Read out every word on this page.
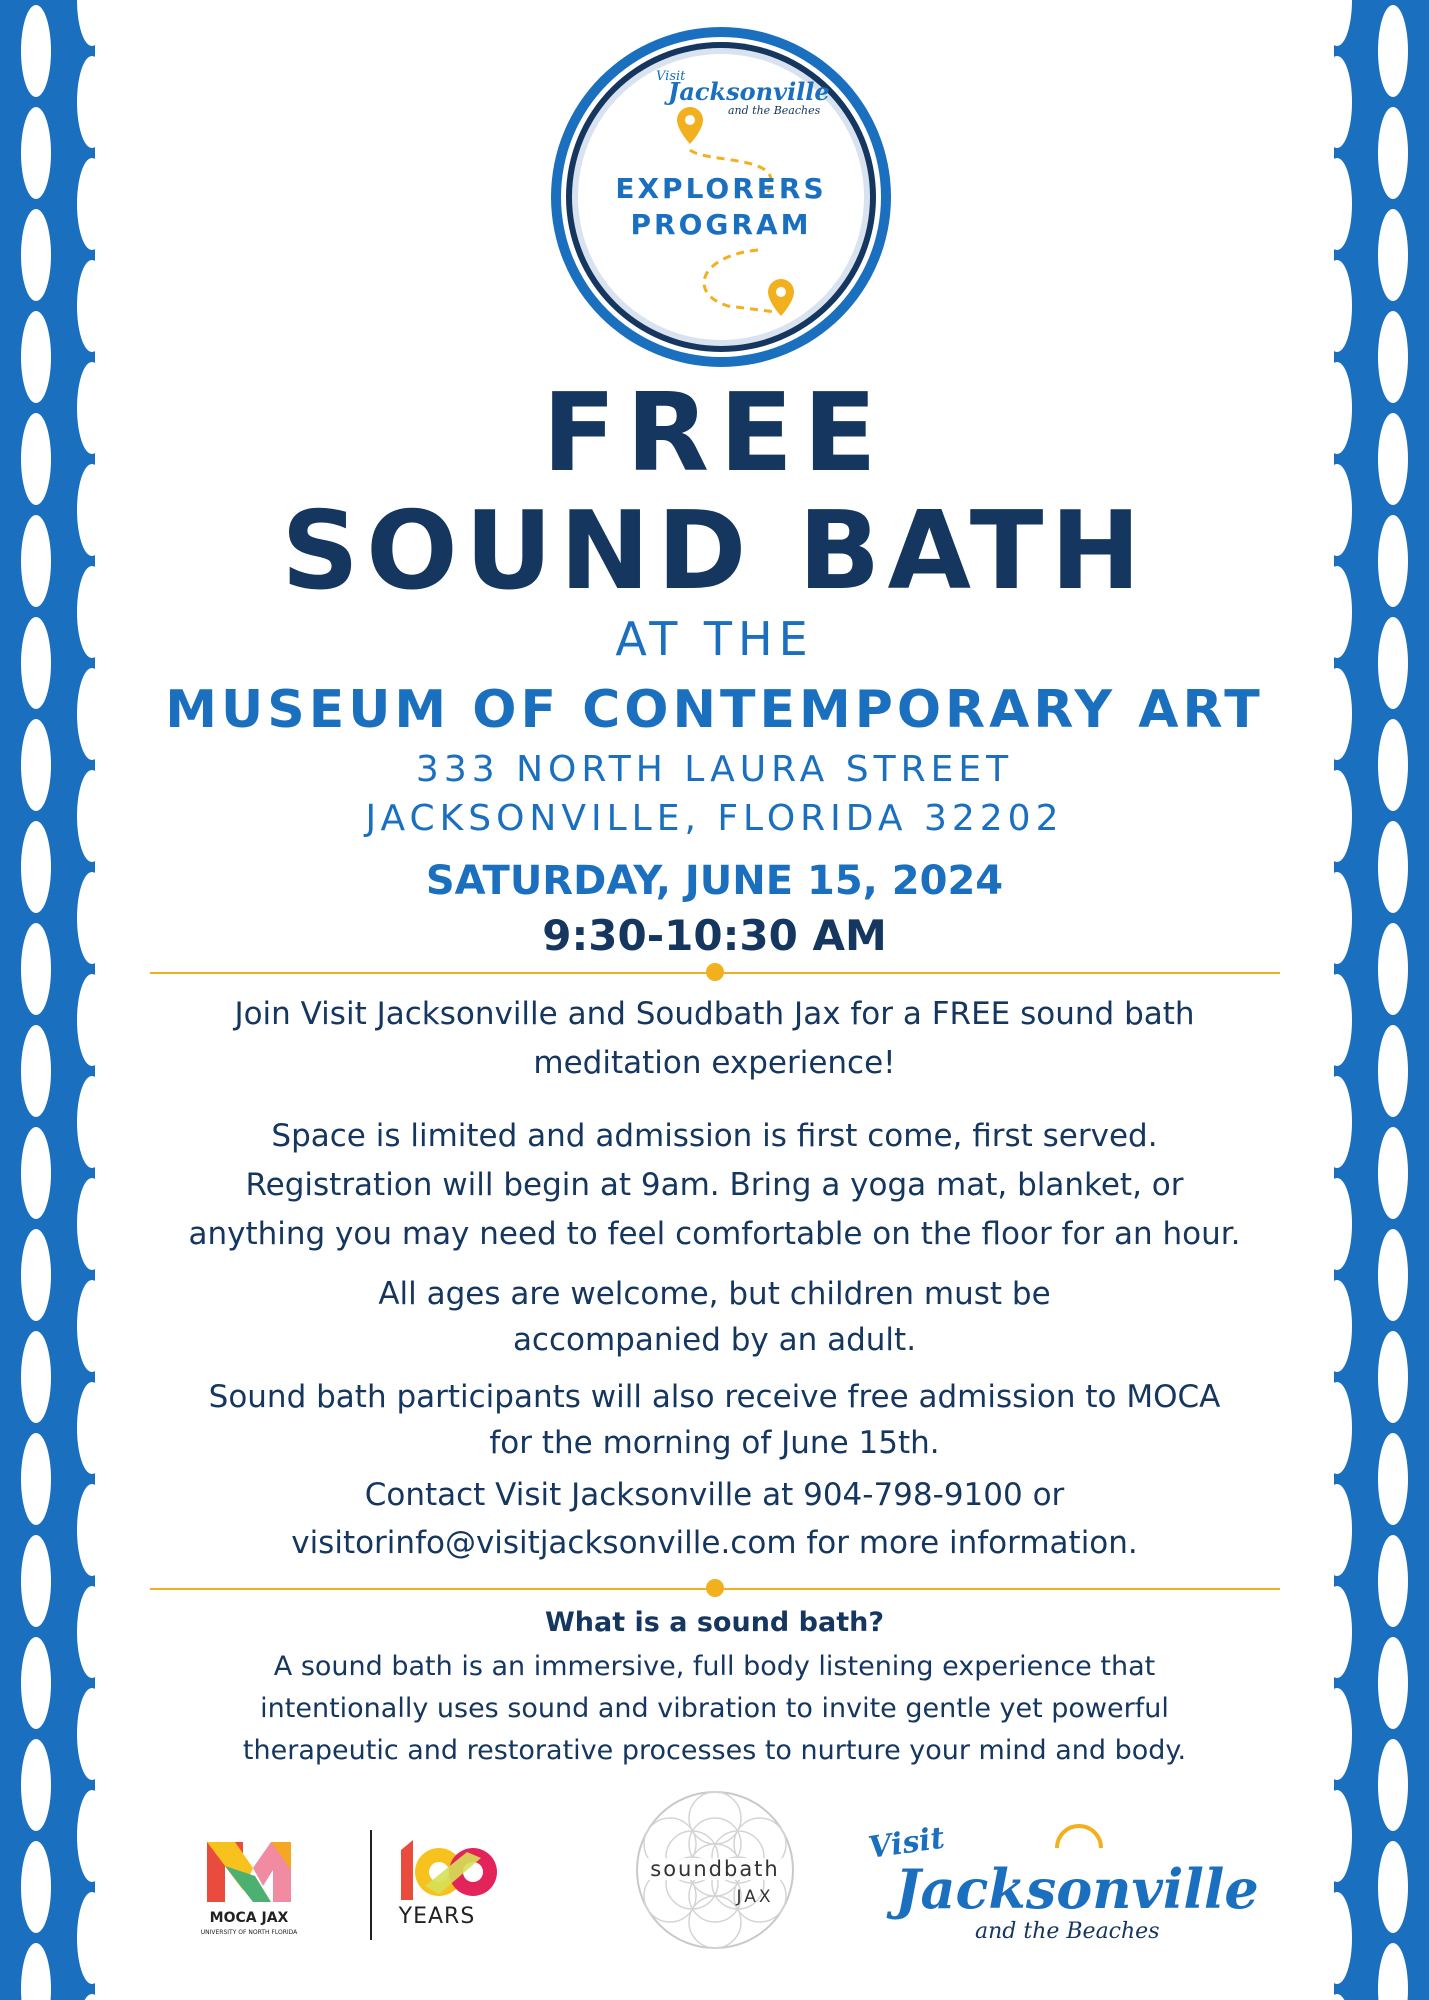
Visit
Jacksonville
and the Beaches
EXPLORERS
PROGRAM
FREE
SOUND BATH
AT THE
MUSEUM OF CONTEMPORARY ART
333 NORTH LAURA STREET
JACKSONVILLE, FLORIDA 32202
SATURDAY, JUNE 15, 2024
9:30-10:30 AM
Join Visit Jacksonville and Soudbath Jax for a FREE sound bath
meditation experience!
Space is limited and admission is first come, first served.
Registration will begin at 9am. Bring a yoga mat, blanket, or
anything you may need to feel comfortable on the floor for an hour.
All ages are welcome, but children must be
accompanied by an adult.
Sound bath participants will also receive free admission to MOCA
for the morning of June 15th.
Contact Visit Jacksonville at 904-798-9100 or
visitorinfo@visitjacksonville.com for more information.
What is a sound bath?
A sound bath is an immersive, full body listening experience that
intentionally uses sound and vibration to invite gentle yet powerful
therapeutic and restorative processes to nurture your mind and body.
MOCA JAX
UNIVERSITY OF NORTH FLORIDA
YEARS
soundbath
JAX
Visit
Jacksonville
and the Beaches
